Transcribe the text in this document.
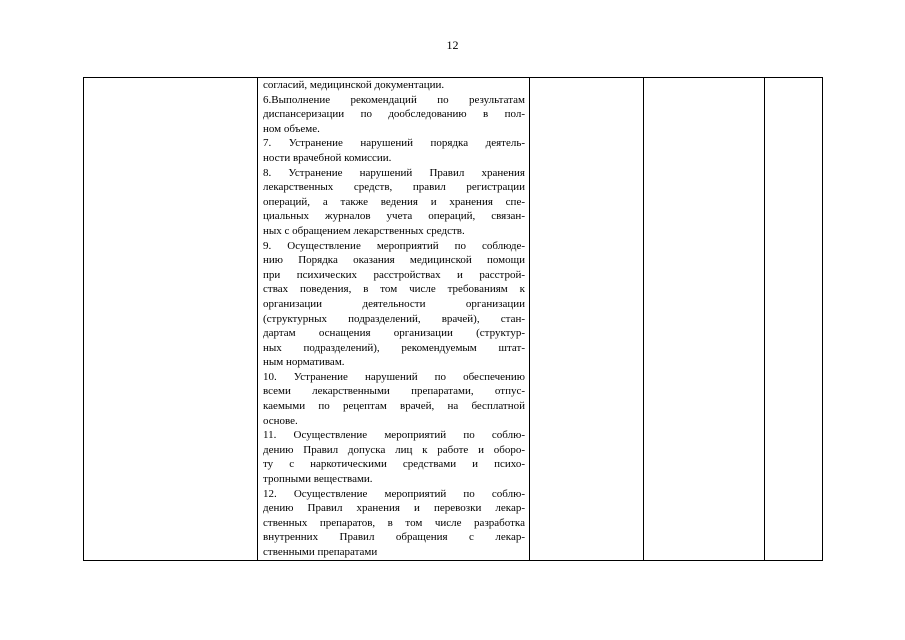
12

согласий, медицинской документации.
6.Выполнение рекомендаций по результатам
диспансеризации по дообследованию в пол-
ном объеме.
7. Устранение нарушений порядка деятель-
ности врачебной комиссии.
8. Устранение нарушений Правил хранения
лекарственных средств, правил регистрации
операций, а также ведения и хранения спе-
циальных журналов учета операций, связан-
ных с обращением лекарственных средств.
9. Осуществление мероприятий по соблюде-
нию Порядка оказания медицинской помощи
при психических расстройствах и расстрой-
ствах поведения, в том числе требованиям к
организации деятельности организации
(структурных подразделений, врачей), стан-
дартам оснащения организации (структур-
ных подразделений), рекомендуемым штат-
ным нормативам.
10. Устранение нарушений по обеспечению
всеми лекарственными препаратами, отпус-
каемыми по рецептам врачей, на бесплатной
основе.
11. Осуществление мероприятий по соблю-
дению Правил допуска лиц к работе и оборо-
ту с наркотическими средствами и психо-
тропными веществами.
12. Осуществление мероприятий по соблю-
дению Правил хранения и перевозки лекар-
ственных препаратов, в том числе разработка
внутренних Правил обращения с лекар-
ственными препаратами
